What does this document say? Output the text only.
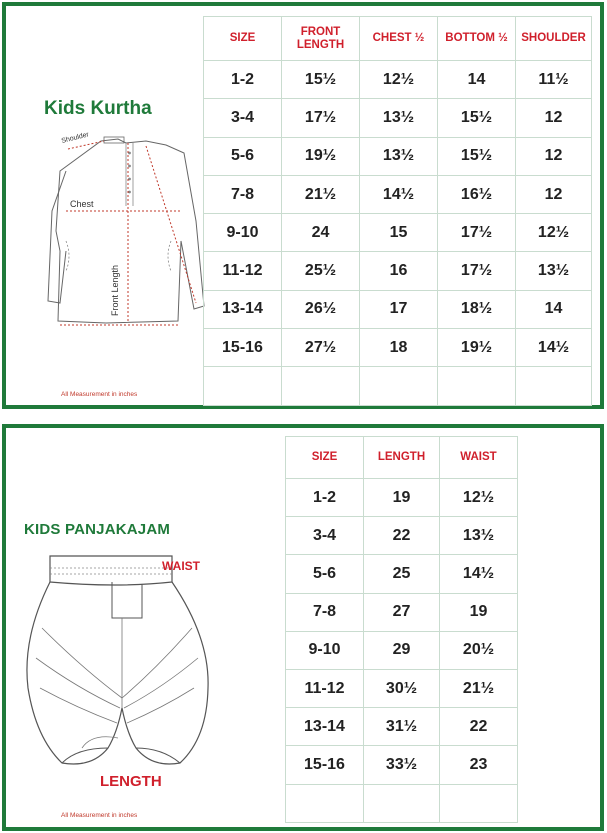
Kids Kurtha
Shoulder
Chest
Front Length
SIZE	FRONT LENGTH	CHEST ½	BOTTOM ½	SHOULDER
1-2	15½	12½	14	11½
3-4	17½	13½	15½	12
5-6	19½	13½	15½	12
7-8	21½	14½	16½	12
9-10	24	15	17½	12½
11-12	25½	16	17½	13½
13-14	26½	17	18½	14
15-16	27½	18	19½	14½

All Measurement in inches
KIDS PANJAKAJAM
WAIST
LENGTH
SIZE	LENGTH	WAIST
1-2	19	12½
3-4	22	13½
5-6	25	14½
7-8	27	19
9-10	29	20½
11-12	30½	21½
13-14	31½	22
15-16	33½	23

All Measurement in inches
